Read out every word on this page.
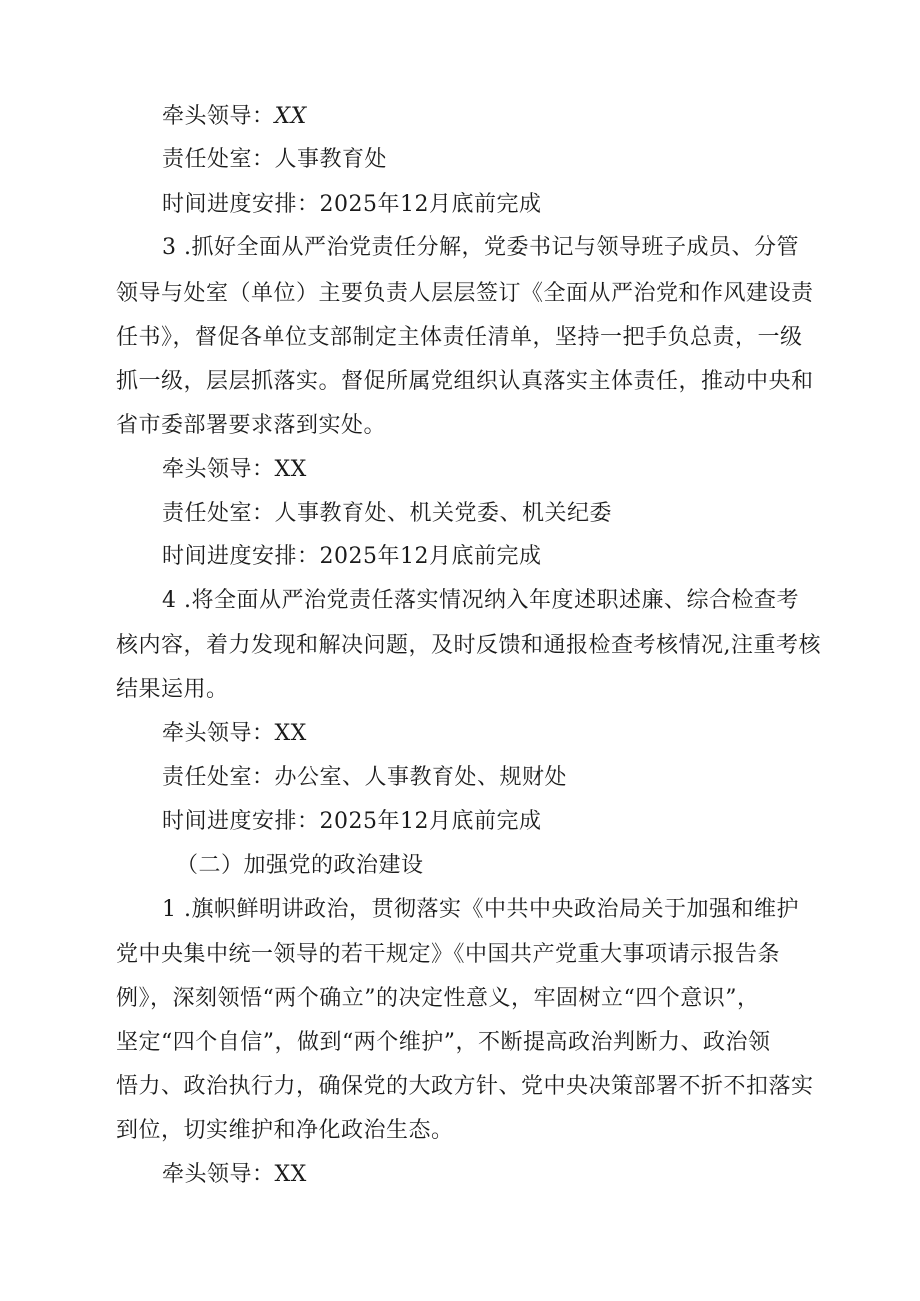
牵头领导：XX
责任处室：人事教育处
时间进度安排：2025年12月底前完成
3 .抓好全面从严治党责任分解，党委书记与领导班子成员、分管
领导与处室（单位）主要负责人层层签订《全面从严治党和作风建设责
任书》，督促各单位支部制定主体责任清单，坚持一把手负总责，一级
抓一级，层层抓落实。督促所属党组织认真落实主体责任，推动中央和
省市委部署要求落到实处。
牵头领导：XX
责任处室：人事教育处、机关党委、机关纪委
时间进度安排：2025年12月底前完成
4 .将全面从严治党责任落实情况纳入年度述职述廉、综合检查考
核内容，着力发现和解决问题，及时反馈和通报检查考核情况,注重考核
结果运用。
牵头领导：XX
责任处室：办公室、人事教育处、规财处
时间进度安排：2025年12月底前完成
（二）加强党的政治建设
1 .旗帜鲜明讲政治，贯彻落实《中共中央政治局关于加强和维护
党中央集中统一领导的若干规定》《中国共产党重大事项请示报告条
例》，深刻领悟“两个确立”的决定性意义，牢固树立“四个意识”，
坚定“四个自信”，做到“两个维护”，不断提高政治判断力、政治领
悟力、政治执行力，确保党的大政方针、党中央决策部署不折不扣落实
到位，切实维护和净化政治生态。
牵头领导：XX
